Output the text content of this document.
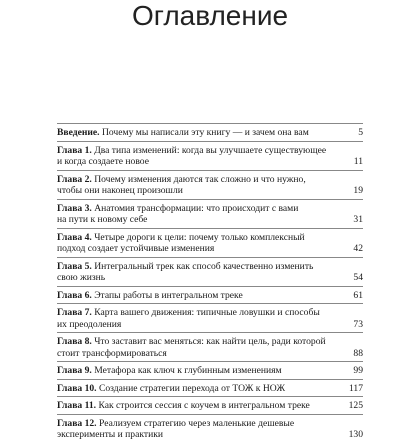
Оглавление
Введение. Почему мы написали эту книгу — и зачем она вам	5
Глава 1. Два типа изменений: когда вы улучшаете существующее
и когда создаете новое	11
Глава 2. Почему изменения даются так сложно и что нужно,
чтобы они наконец произошли	19
Глава 3. Анатомия трансформации: что происходит с вами
на пути к новому себе	31
Глава 4. Четыре дороги к цели: почему только комплексный
подход создает устойчивые изменения	42
Глава 5. Интегральный трек как способ качественно изменить
свою жизнь	54
Глава 6. Этапы работы в интегральном треке	61
Глава 7. Карта вашего движения: типичные ловушки и способы
их преодоления	73
Глава 8. Что заставит вас меняться: как найти цель, ради которой
стоит трансформироваться	88
Глава 9. Метафора как ключ к глубинным изменениям	99
Глава 10. Создание стратегии перехода от ТОЖ к НОЖ	117
Глава 11. Как строится сессия с коучем в интегральном треке	125
Глава 12. Реализуем стратегию через маленькие дешевые
эксперименты и практики	130
